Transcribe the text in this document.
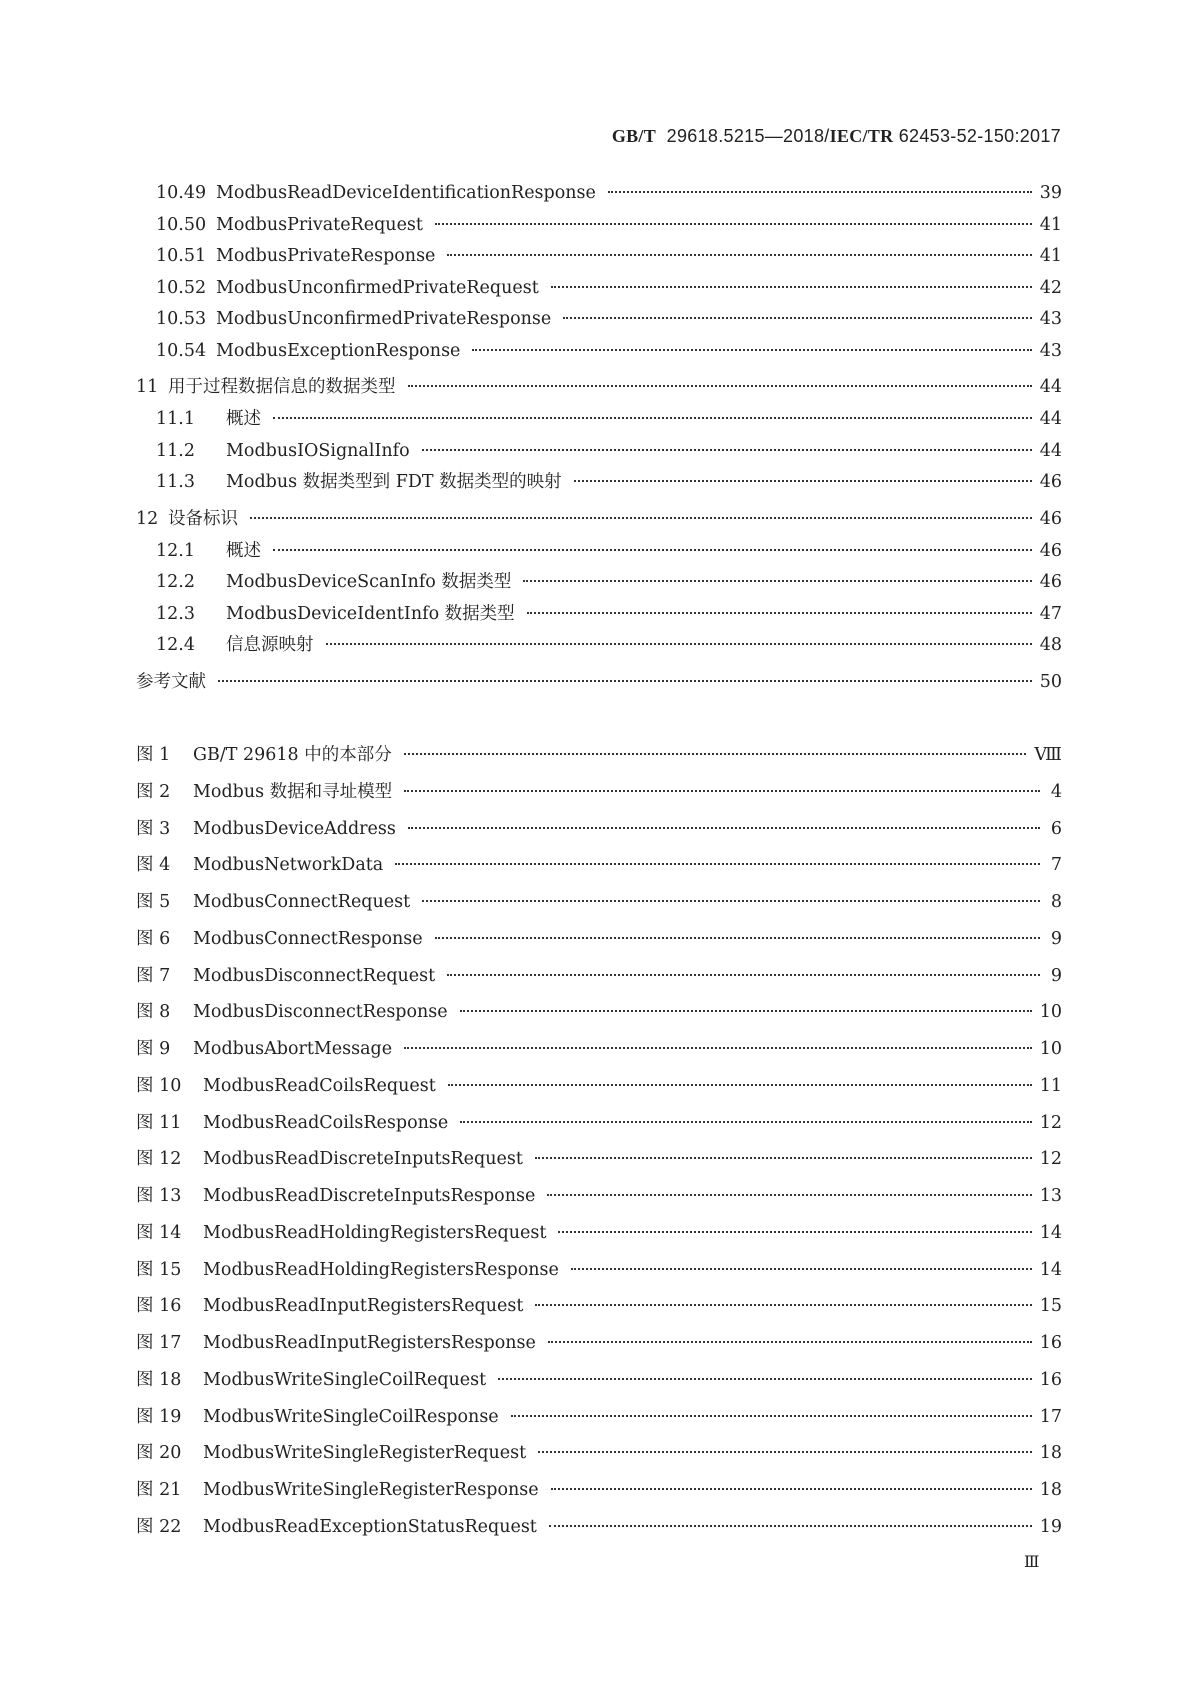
GB/T 29618.5215—2018/IEC/TR 62453-52-150:2017
10.49 ModbusReadDeviceIdentificationResponse	39
10.50 ModbusPrivateRequest	41
10.51 ModbusPrivateResponse	41
10.52 ModbusUnconfirmedPrivateRequest	42
10.53 ModbusUnconfirmedPrivateResponse	43
10.54 ModbusExceptionResponse	43
11 用于过程数据信息的数据类型	44
11.1	概述	44
11.2	ModbusIOSignalInfo	44
11.3	Modbus 数据类型到 FDT 数据类型的映射	46
12 设备标识	46
12.1	概述	46
12.2	ModbusDeviceScanInfo 数据类型	46
12.3	ModbusDeviceIdentInfo 数据类型	47
12.4	信息源映射	48
参考文献	50
图 1	GB/T 29618 中的本部分	Ⅷ
图 2	Modbus 数据和寻址模型	4
图 3	ModbusDeviceAddress	6
图 4	ModbusNetworkData	7
图 5	ModbusConnectRequest	8
图 6	ModbusConnectResponse	9
图 7	ModbusDisconnectRequest	9
图 8	ModbusDisconnectResponse	10
图 9	ModbusAbortMessage	10
图 10	ModbusReadCoilsRequest	11
图 11	ModbusReadCoilsResponse	12
图 12	ModbusReadDiscreteInputsRequest	12
图 13	ModbusReadDiscreteInputsResponse	13
图 14	ModbusReadHoldingRegistersRequest	14
图 15	ModbusReadHoldingRegistersResponse	14
图 16	ModbusReadInputRegistersRequest	15
图 17	ModbusReadInputRegistersResponse	16
图 18	ModbusWriteSingleCoilRequest	16
图 19	ModbusWriteSingleCoilResponse	17
图 20	ModbusWriteSingleRegisterRequest	18
图 21	ModbusWriteSingleRegisterResponse	18
图 22	ModbusReadExceptionStatusRequest	19
Ⅲ
